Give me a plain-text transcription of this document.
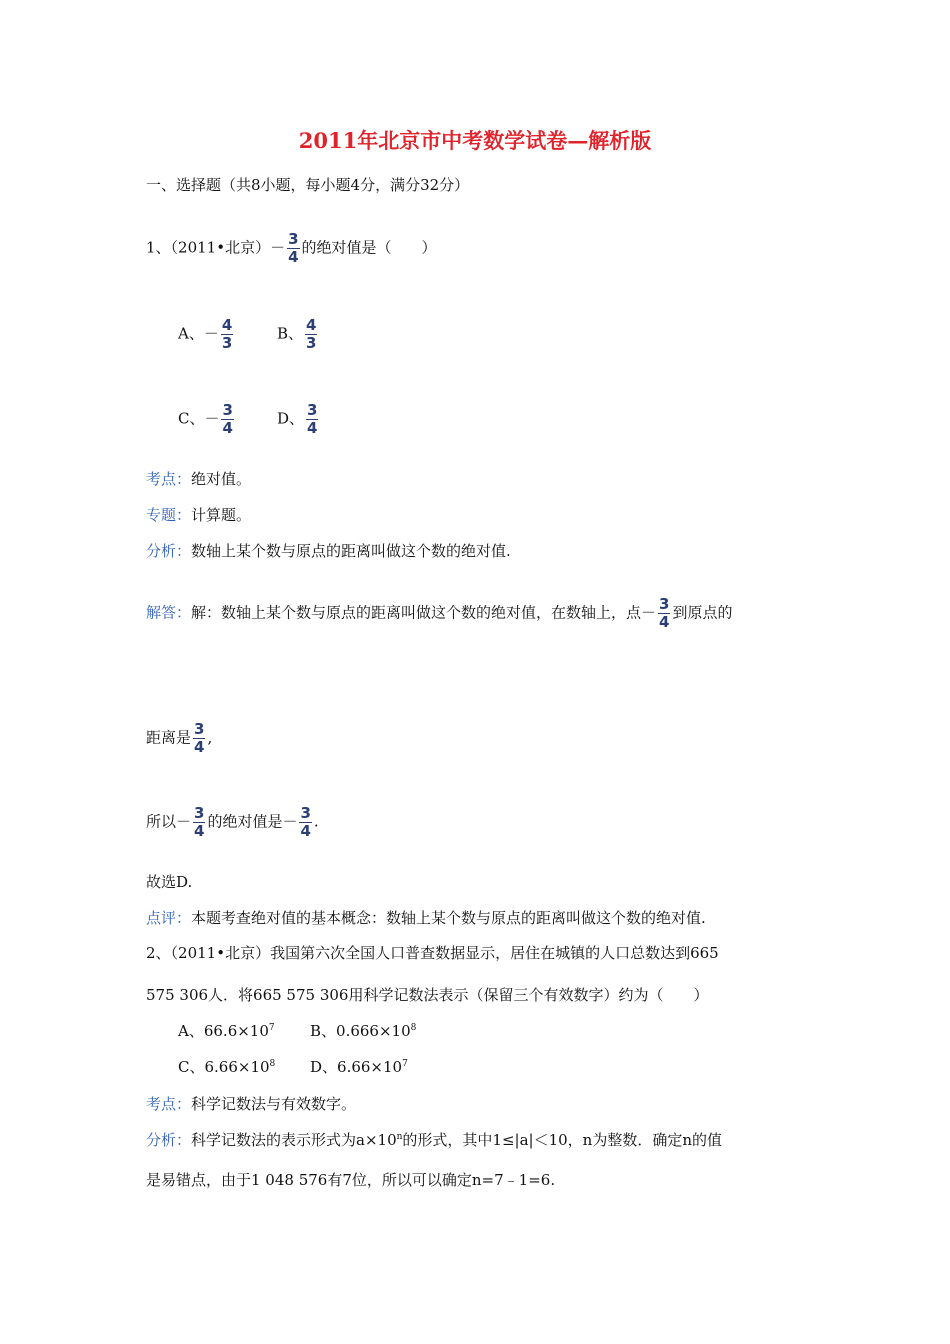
2011年北京市中考数学试卷—解析版
一、选择题（共8小题，每小题4分，满分32分）
1、（2011•北京）－ $\frac{3}{4}$ 的绝对值是（　　）
A、－ $\frac{4}{3}$	B、 $\frac{4}{3}$
C、－ $\frac{3}{4}$	D、 $\frac{3}{4}$
考点：绝对值。
专题：计算题。
分析：数轴上某个数与原点的距离叫做这个数的绝对值.
解答：解：数轴上某个数与原点的距离叫做这个数的绝对值，在数轴上，点－ $\frac{3}{4}$ 到原点的
距离是 $\frac{3}{4}$ ,
所以－ $\frac{3}{4}$ 的绝对值是－ $\frac{3}{4}$ .
故选D.
点评：本题考查绝对值的基本概念：数轴上某个数与原点的距离叫做这个数的绝对值.
2、（2011•北京）我国第六次全国人口普查数据显示，居住在城镇的人口总数达到665
575 306人．将665 575 306用科学记数法表示（保留三个有效数字）约为（　　）
A、$66.6\times 10^7$ B、$0.666\times 10^8$
C、$6.66\times 10^8$ D、$6.66\times 10^7$
考点：科学记数法与有效数字。
分析：科学记数法的表示形式为$a\times 10^n$的形式，其中1≤|a|＜10，n为整数．确定n的值
是易错点，由于1 048 576有7位，所以可以确定n=7﹣1=6.
